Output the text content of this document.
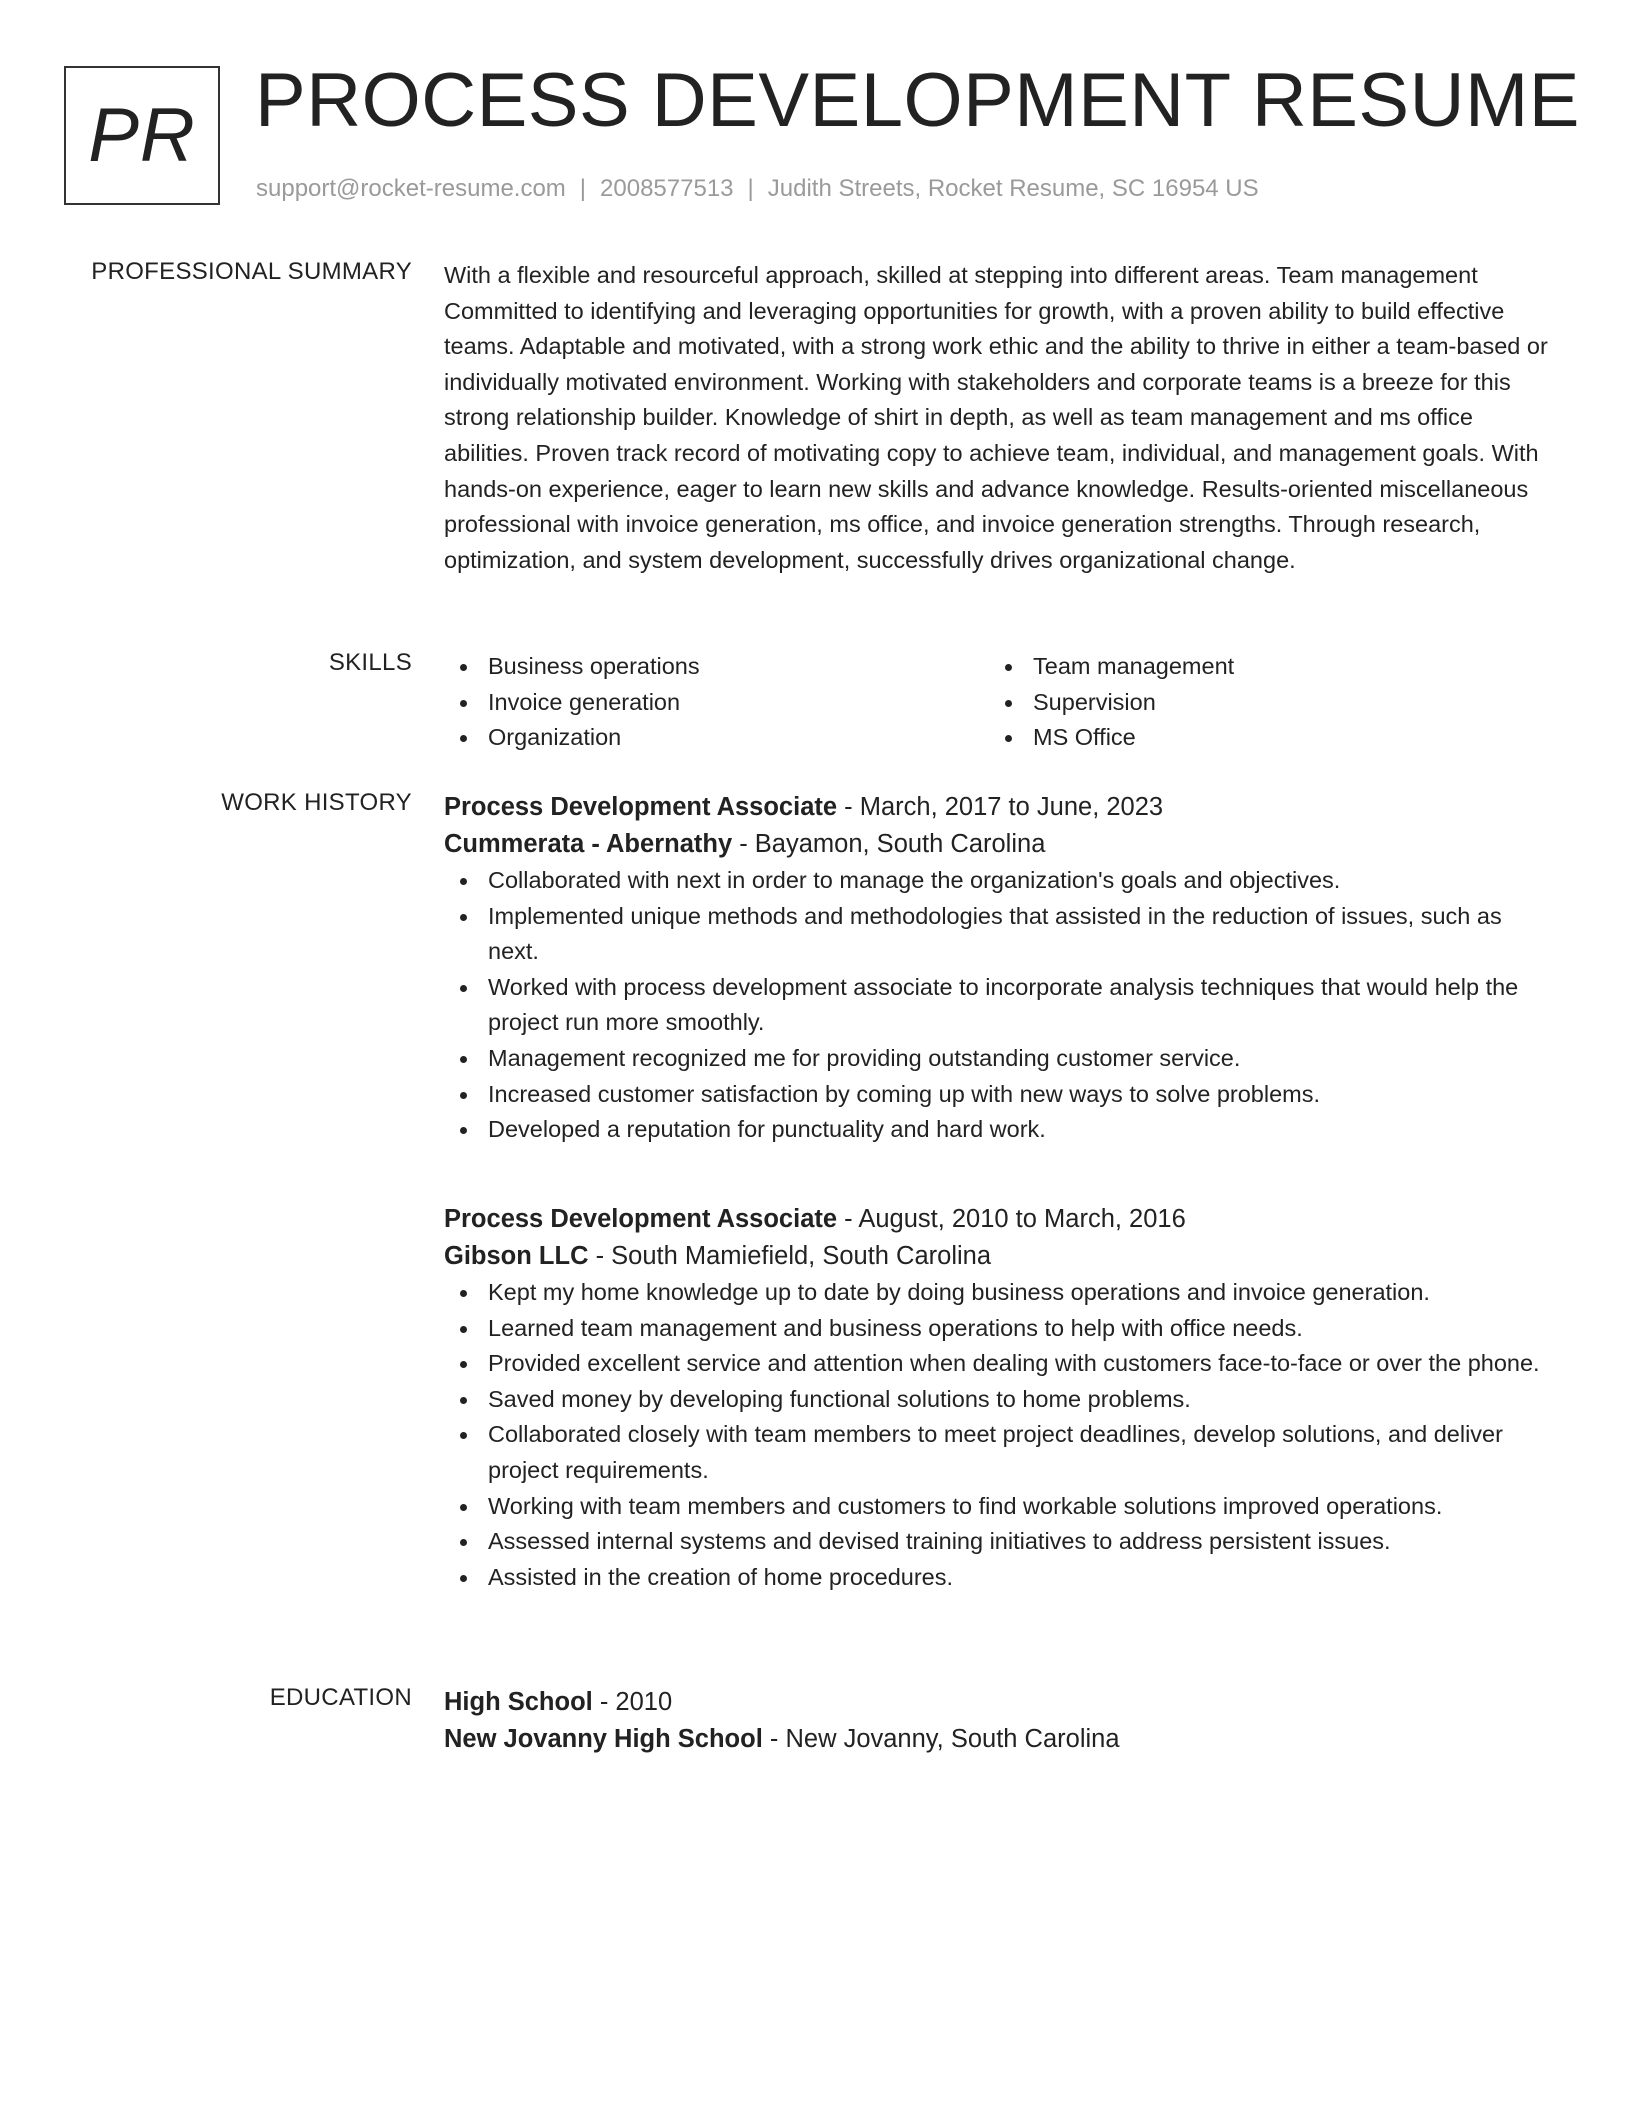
PR PROCESS DEVELOPMENT RESUME
support@rocket-resume.com | 2008577513 | Judith Streets, Rocket Resume, SC 16954 US
PROFESSIONAL SUMMARY With a flexible and resourceful approach, skilled at stepping into different areas. Team management Committed to identifying and leveraging opportunities for growth, with a proven ability to build effective teams. Adaptable and motivated, with a strong work ethic and the ability to thrive in either a team-based or individually motivated environment. Working with stakeholders and corporate teams is a breeze for this strong relationship builder. Knowledge of shirt in depth, as well as team management and ms office abilities. Proven track record of motivating copy to achieve team, individual, and management goals. With hands-on experience, eager to learn new skills and advance knowledge. Results-oriented miscellaneous professional with invoice generation, ms office, and invoice generation strengths. Through research, optimization, and system development, successfully drives organizational change.

SKILLS	Business operations
Invoice generation
Organization
Team management
Supervision
MS Office
WORK HISTORY Process Development Associate - March, 2017 to June, 2023
Cummerata - Abernathy - Bayamon, South Carolina
Collaborated with next in order to manage the organization's goals and objectives.
Implemented unique methods and methodologies that assisted in the reduction of issues, such as next.
Worked with process development associate to incorporate analysis techniques that would help the project run more smoothly.
Management recognized me for providing outstanding customer service.
Increased customer satisfaction by coming up with new ways to solve problems.
Developed a reputation for punctuality and hard work.
Process Development Associate - August, 2010 to March, 2016
Gibson LLC - South Mamiefield, South Carolina
Kept my home knowledge up to date by doing business operations and invoice generation.
Learned team management and business operations to help with office needs.
Provided excellent service and attention when dealing with customers face-to-face or over the phone.
Saved money by developing functional solutions to home problems.
Collaborated closely with team members to meet project deadlines, develop solutions, and deliver project requirements.
Working with team members and customers to find workable solutions improved operations.
Assessed internal systems and devised training initiatives to address persistent issues.
Assisted in the creation of home procedures.
EDUCATION High School - 2010
New Jovanny High School - New Jovanny, South Carolina
